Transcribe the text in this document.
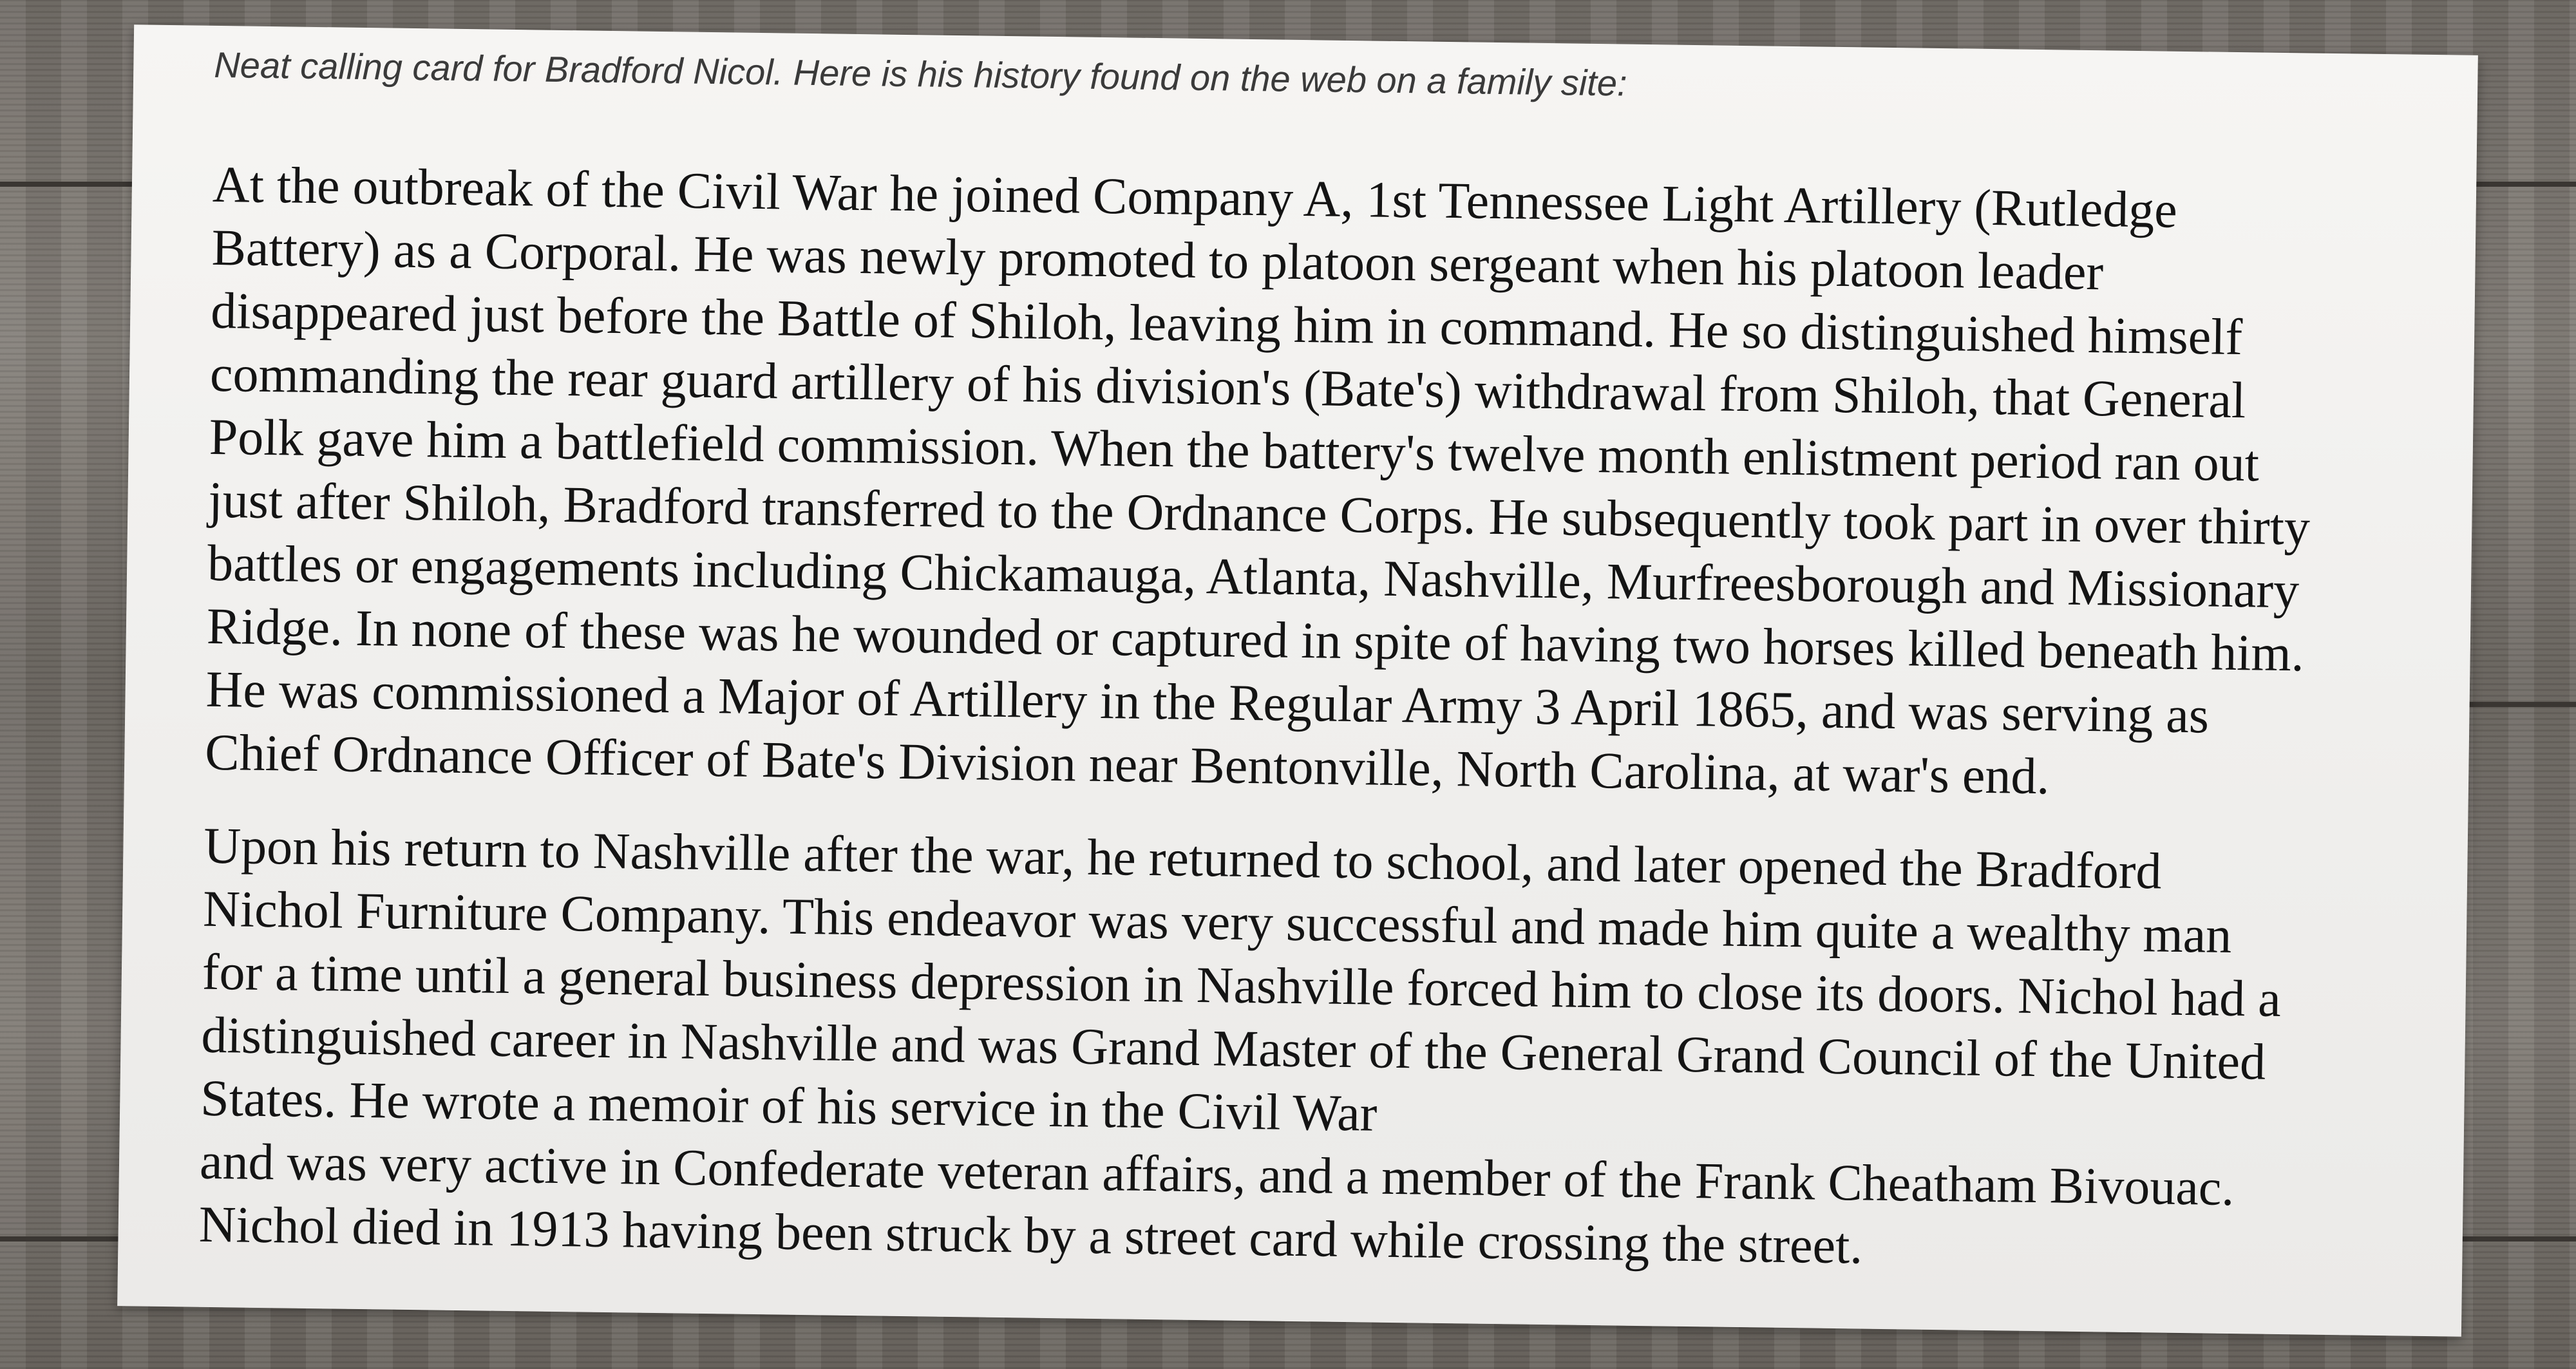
Neat calling card for Bradford Nicol. Here is his history found on the web on a family site:

At the outbreak of the Civil War he joined Company A, 1st Tennessee Light Artillery (Rutledge
Battery) as a Corporal. He was newly promoted to platoon sergeant when his platoon leader
disappeared just before the Battle of Shiloh, leaving him in command. He so distinguished himself
commanding the rear guard artillery of his division's (Bate's) withdrawal from Shiloh, that General
Polk gave him a battlefield commission. When the battery's twelve month enlistment period ran out
just after Shiloh, Bradford transferred to the Ordnance Corps. He subsequently took part in over thirty
battles or engagements including Chickamauga, Atlanta, Nashville, Murfreesborough and Missionary
Ridge. In none of these was he wounded or captured in spite of having two horses killed beneath him.
He was commissioned a Major of Artillery in the Regular Army 3 April 1865, and was serving as
Chief Ordnance Officer of Bate's Division near Bentonville, North Carolina, at war's end.

Upon his return to Nashville after the war, he returned to school, and later opened the Bradford
Nichol Furniture Company. This endeavor was very successful and made him quite a wealthy man
for a time until a general business depression in Nashville forced him to close its doors. Nichol had a
distinguished career in Nashville and was Grand Master of the General Grand Council of the United
States. He wrote a memoir of his service in the Civil War
and was very active in Confederate veteran affairs, and a member of the Frank Cheatham Bivouac.
Nichol died in 1913 having been struck by a street card while crossing the street.
